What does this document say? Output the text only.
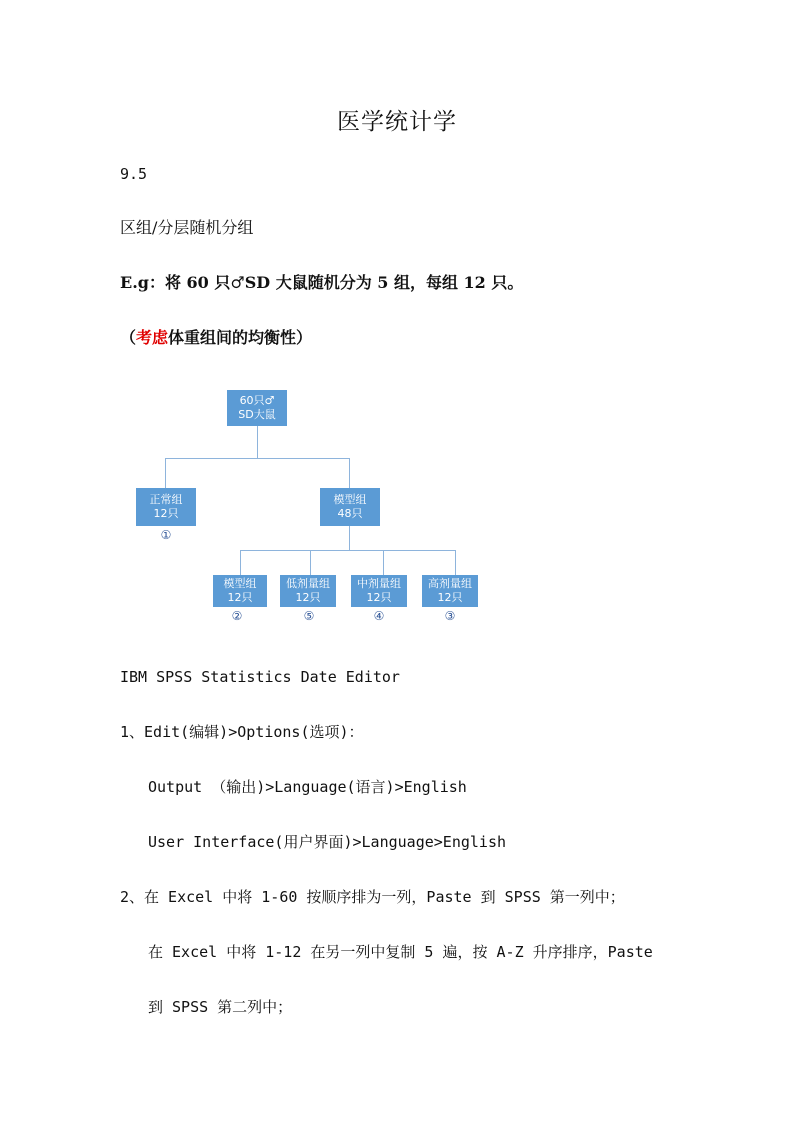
医学统计学
9.5
区组/分层随机分组
E.g：将 60 只♂SD 大鼠随机分为 5 组，每组 12 只。
（考虑体重组间的均衡性）
60只♂
SD大鼠
正常组
12只
①
模型组
48只
模型组
12只
②
低剂量组
12只
⑤
中剂量组
12只
④
高剂量组
12只
③
IBM SPSS Statistics Date Editor
1、Edit(编辑)>Options(选项)：
Output （输出)>Language(语言)>English
User Interface(用户界面)>Language>English
2、在 Excel 中将 1-60 按顺序排为一列，Paste 到 SPSS 第一列中；
在 Excel 中将 1-12 在另一列中复制 5 遍，按 A-Z 升序排序，Paste
到 SPSS 第二列中；
